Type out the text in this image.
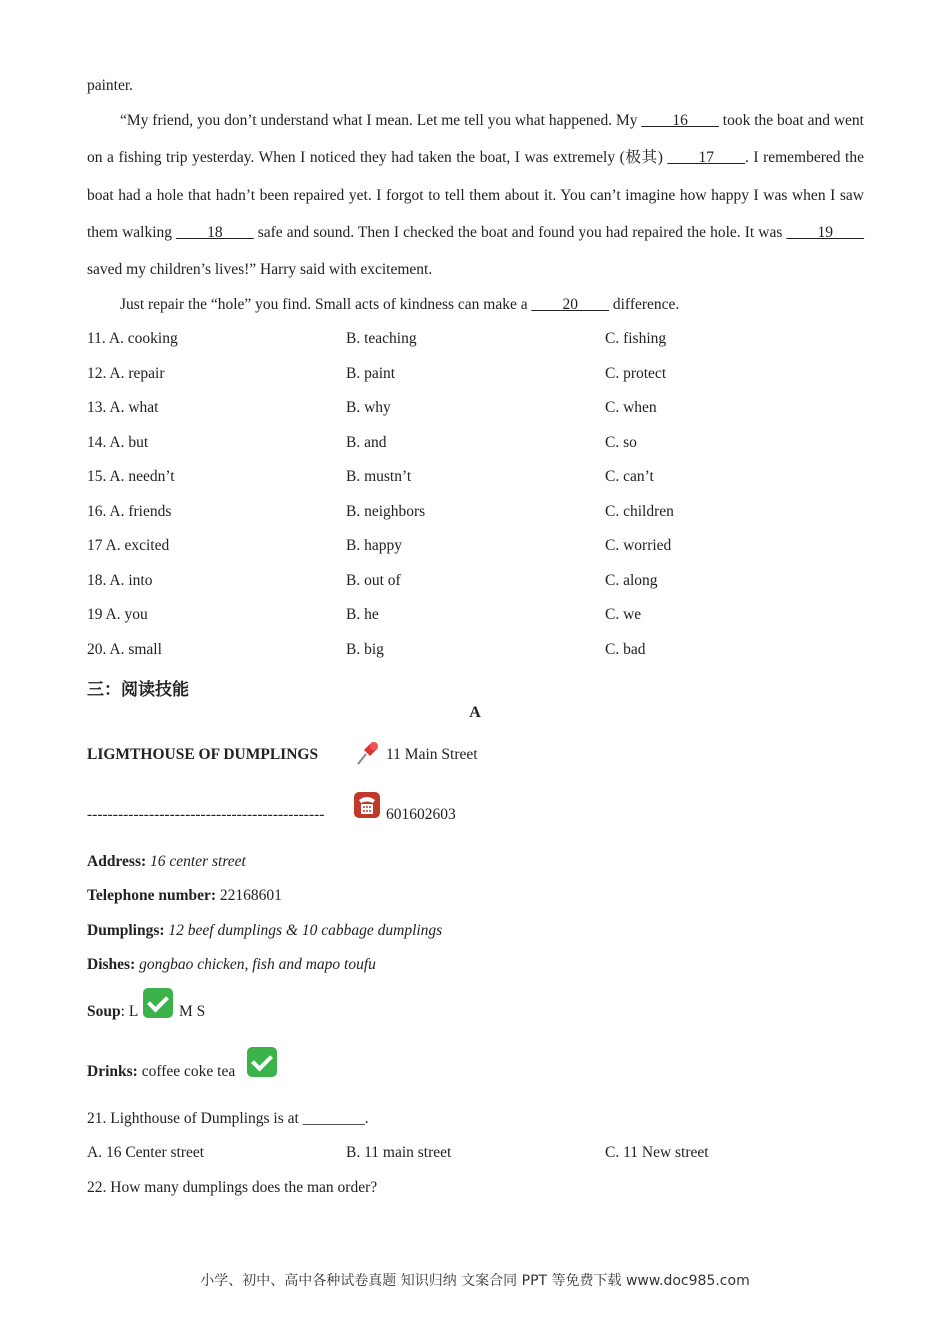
painter.
“My friend, you don’t understand what I mean. Let me tell you what happened. My ____16____ took the boat and went on a fishing trip yesterday. When I noticed they had taken the boat, I was extremely (极其) ____17____. I remembered the boat had a hole that hadn’t been repaired yet. I forgot to tell them about it. You can’t imagine how happy I was when I saw them walking ____18____ safe and sound. Then I checked the boat and found you had repaired the hole. It was ____19____ saved my children’s lives!” Harry said with excitement.
Just repair the “hole” you find. Small acts of kindness can make a ____20____ difference.
11. A. cooking	B. teaching	C. fishing
12. A. repair	B. paint	C. protect
13. A. what	B. why	C. when
14. A. but	B. and	C. so
15. A. needn’t	B. mustn’t	C. can’t
16. A. friends	B. neighbors	C. children
17 A. excited	B. happy	C. worried
18. A. into	B. out of	C. along
19 A. you	B. he	C. we
20. A. small	B. big	C. bad
三：阅读技能
A
LIGMTHOUSE OF DUMPLINGS	11 Main Street
----------------------------------------------	601602603
Address: 16 center street
Telephone number: 22168601
Dumplings: 12 beef dumplings & 10 cabbage dumplings
Dishes: gongbao chicken, fish and mapo toufu
Soup: L	M S
Drinks: coffee coke tea
21. Lighthouse of Dumplings is at ________.
A. 16 Center street	B. 11 main street	C. 11 New street
22. How many dumplings does the man order?
小学、初中、高中各种试卷真题 知识归纳 文案合同 PPT 等免费下载 www.doc985.com
